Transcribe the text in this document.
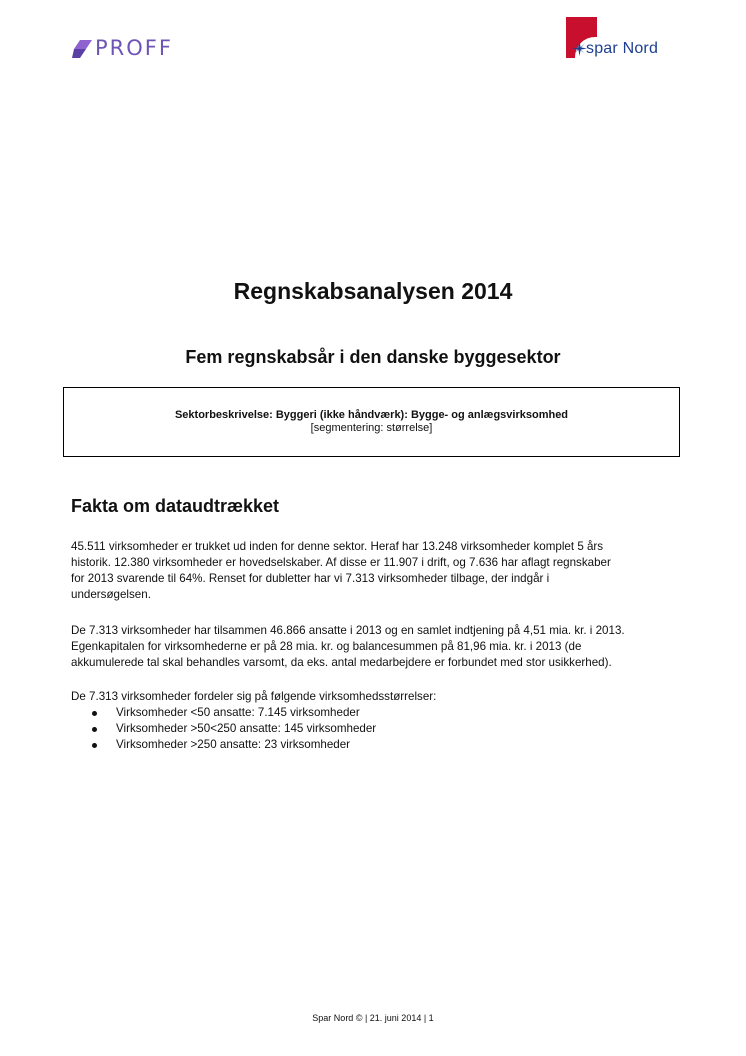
PROFF	spar Nord
Regnskabsanalysen 2014
Fem regnskabsår i den danske byggesektor
Sektorbeskrivelse: Byggeri (ikke håndværk): Bygge- og anlægsvirksomhed
[segmentering: størrelse]
Fakta om dataudtrækket

45.511 virksomheder er trukket ud inden for denne sektor. Heraf har 13.248 virksomheder komplet 5 års

historik. 12.380 virksomheder er hovedselskaber. Af disse er 11.907 i drift, og 7.636 har aflagt regnskaber

for 2013 svarende til 64%. Renset for dubletter har vi 7.313 virksomheder tilbage, der indgår i

undersøgelsen.

De 7.313 virksomheder har tilsammen 46.866 ansatte i 2013 og en samlet indtjening på 4,51 mia. kr. i 2013.

Egenkapitalen for virksomhederne er på 28 mia. kr. og balancesummen på 81,96 mia. kr. i 2013 (de

akkumulerede tal skal behandles varsomt, da eks. antal medarbejdere er forbundet med stor usikkerhed).

De 7.313 virksomheder fordeler sig på følgende virksomhedsstørrelser:

Virksomheder <50 ansatte: 7.145 virksomheder
Virksomheder >50<250 ansatte: 145 virksomheder
Virksomheder >250 ansatte: 23 virksomheder
Spar Nord © | 21. juni 2014 | 1
